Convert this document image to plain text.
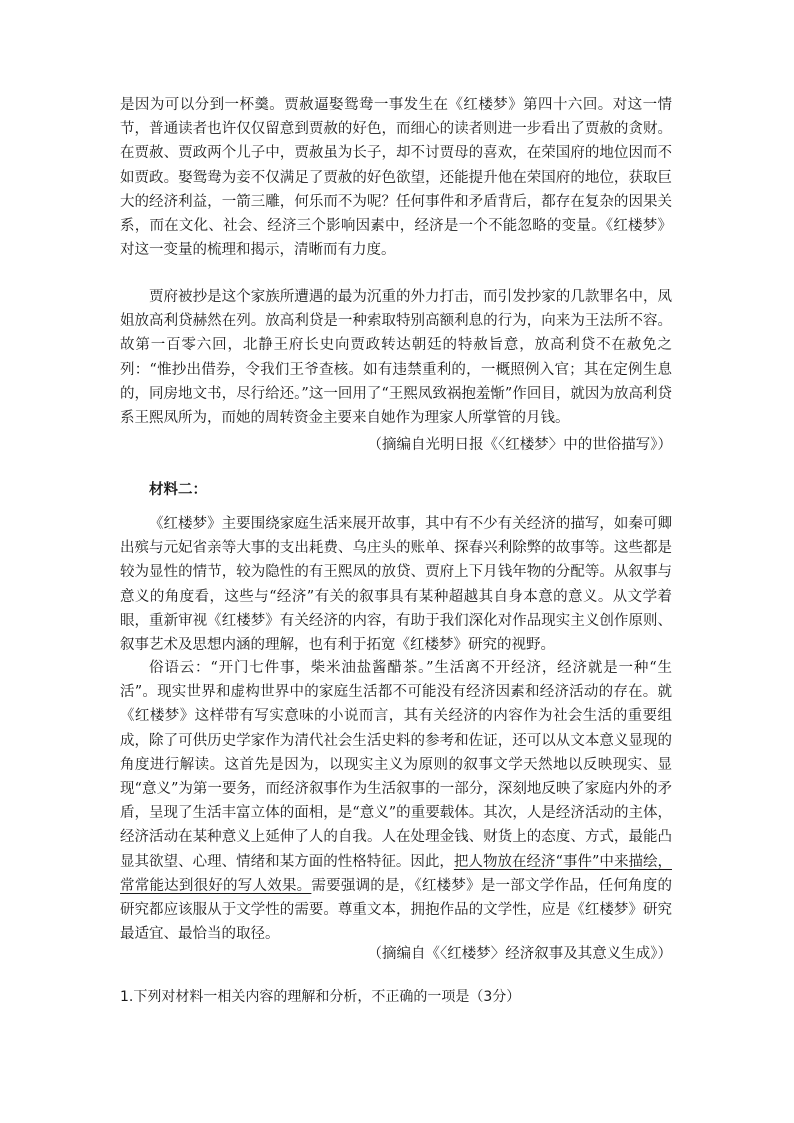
是因为可以分到一杯羹。贾赦逼娶鸳鸯一事发生在《红楼梦》第四十六回。对这一情节，普通读者也许仅仅留意到贾赦的好色，而细心的读者则进一步看出了贾赦的贪财。在贾赦、贾政两个儿子中，贾赦虽为长子，却不讨贾母的喜欢，在荣国府的地位因而不如贾政。娶鸳鸯为妾不仅满足了贾赦的好色欲望，还能提升他在荣国府的地位，获取巨大的经济利益，一箭三雕，何乐而不为呢？任何事件和矛盾背后，都存在复杂的因果关系，而在文化、社会、经济三个影响因素中，经济是一个不能忽略的变量。《红楼梦》对这一变量的梳理和揭示，清晰而有力度。

贾府被抄是这个家族所遭遇的最为沉重的外力打击，而引发抄家的几款罪名中，凤姐放高利贷赫然在列。放高利贷是一种索取特别高额利息的行为，向来为王法所不容。故第一百零六回，北静王府长史向贾政转达朝廷的特赦旨意，放高利贷不在赦免之列：“惟抄出借券，令我们王爷查核。如有违禁重利的，一概照例入官；其在定例生息的，同房地文书，尽行给还。”这一回用了“王熙凤致祸抱羞惭”作回目，就因为放高利贷系王熙凤所为，而她的周转资金主要来自她作为理家人所掌管的月钱。

（摘编自光明日报《〈红楼梦〉中的世俗描写》）

材料二：

《红楼梦》主要围绕家庭生活来展开故事，其中有不少有关经济的描写，如秦可卿出殡与元妃省亲等大事的支出耗费、乌庄头的账单、探春兴利除弊的故事等。这些都是较为显性的情节，较为隐性的有王熙凤的放贷、贾府上下月钱年物的分配等。从叙事与意义的角度看，这些与“经济”有关的叙事具有某种超越其自身本意的意义。从文学着眼，重新审视《红楼梦》有关经济的内容，有助于我们深化对作品现实主义创作原则、叙事艺术及思想内涵的理解，也有利于拓宽《红楼梦》研究的视野。

俗语云：“开门七件事，柴米油盐酱醋茶。”生活离不开经济，经济就是一种“生活”。现实世界和虚构世界中的家庭生活都不可能没有经济因素和经济活动的存在。就《红楼梦》这样带有写实意味的小说而言，其有关经济的内容作为社会生活的重要组成，除了可供历史学家作为清代社会生活史料的参考和佐证，还可以从文本意义显现的角度进行解读。这首先是因为，以现实主义为原则的叙事文学天然地以反映现实、显现“意义”为第一要务，而经济叙事作为生活叙事的一部分，深刻地反映了家庭内外的矛盾，呈现了生活丰富立体的面相，是“意义”的重要载体。其次，人是经济活动的主体，经济活动在某种意义上延伸了人的自我。人在处理金钱、财货上的态度、方式，最能凸显其欲望、心理、情绪和某方面的性格特征。因此，把人物放在经济“事件”中来描绘，常常能达到很好的写人效果。需要强调的是，《红楼梦》是一部文学作品，任何角度的研究都应该服从于文学性的需要。尊重文本，拥抱作品的文学性，应是《红楼梦》研究最适宜、最恰当的取径。

（摘编自《〈红楼梦〉经济叙事及其意义生成》）

1.下列对材料一相关内容的理解和分析，不正确的一项是（3分）
